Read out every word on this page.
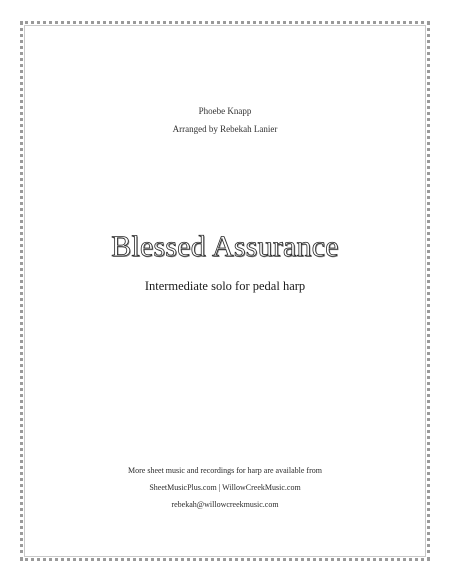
Phoebe Knapp
Arranged by Rebekah Lanier
Blessed Assurance
Intermediate solo for pedal harp
More sheet music and recordings for harp are available from
SheetMusicPlus.com | WillowCreekMusic.com
rebekah@willowcreekmusic.com
